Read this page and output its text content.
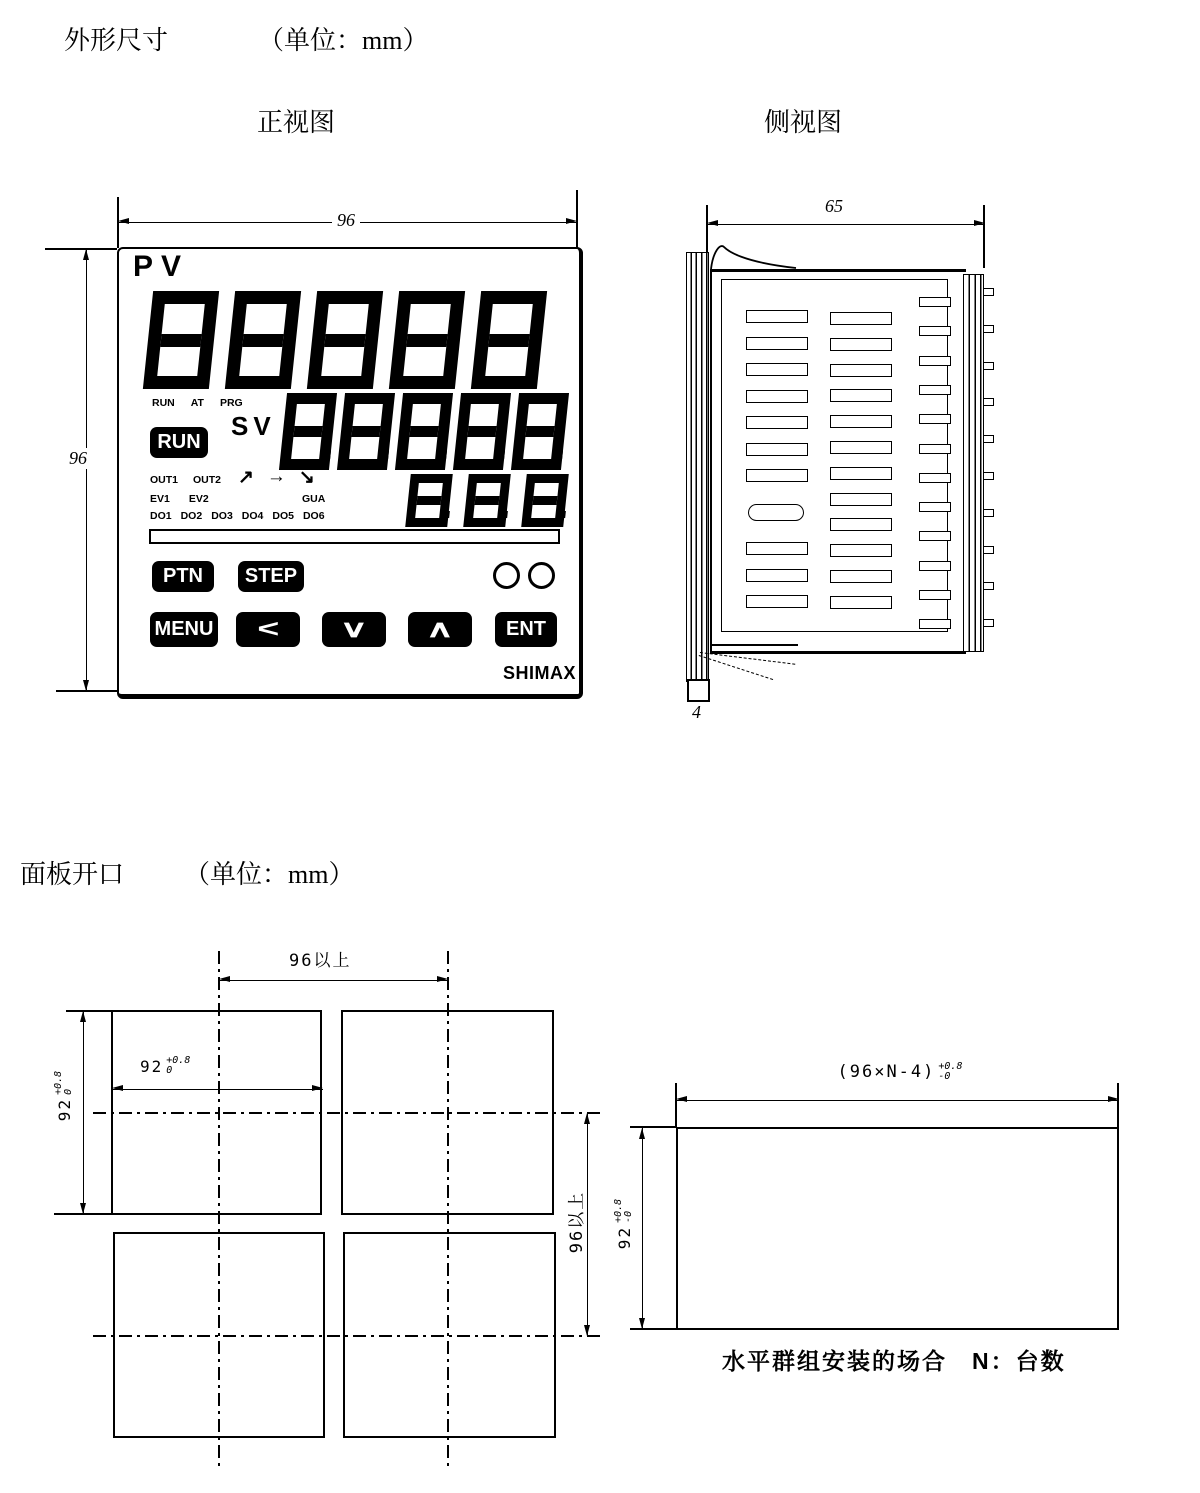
外形尺寸	（单位：mm）
正视图	侧视图
96
96
PV
RUN AT PRG
RUN
SV
OUT1 OUT2 ↗ → ↘
EV1 EV2	GUA
DO1 DO2 DO3 DO4 DO5 DO6
PTN	STEP
MENU <	∨ ∧	ENT
SHIMAX
65
4
面板开口 （单位：mm）
96以上
92 +0.8
0
92
+0.8 0
96以上
(96×N-4) +0.8
-0
92
+0.8 -0
水平群组安装的场合　N：台数
